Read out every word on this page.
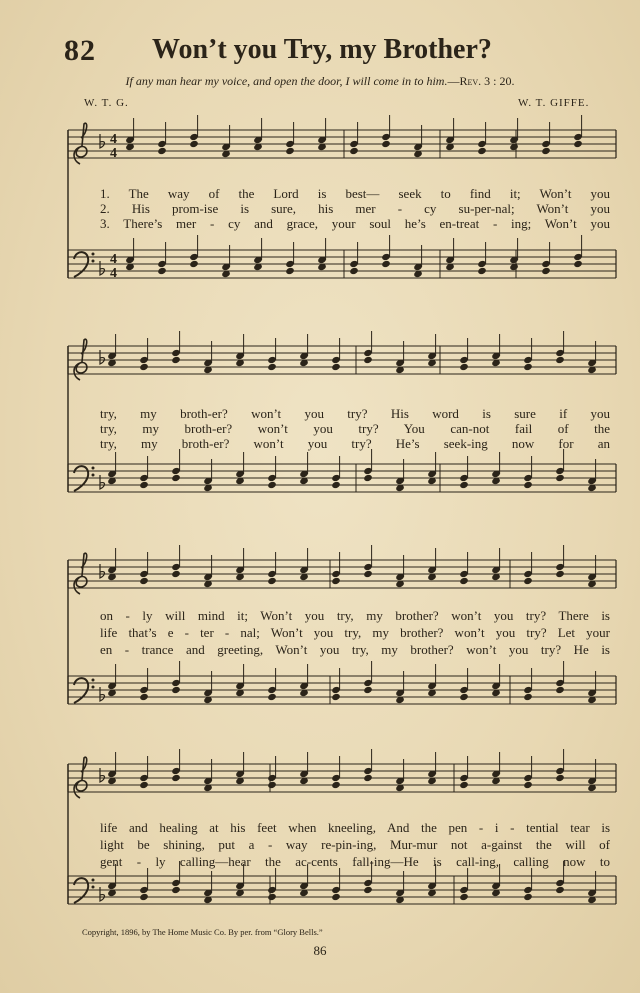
82 Won’t you Try, my Brother?
If any man hear my voice, and open the door, I will come in to him.—Rev. 3 : 20.
W. T. G.	W. T. GIFFE.
4
4
4
4
1. The way of the Lord is best— seek to find it; Won’t you
2. His prom-ise is sure, his mer - cy su-per-nal; Won’t you
3. There’s mer - cy and grace, your soul he’s en-treat - ing; Won’t you
try, my broth-er? won’t you try? His word is sure if you
try, my broth-er? won’t you try? You can-not fail of the
try, my broth-er? won’t you try? He’s seek-ing now for an
on - ly will mind it; Won’t you try, my brother? won’t you try? There is
life that’s e - ter - nal; Won’t you try, my brother? won’t you try? Let your
en - trance and greeting, Won’t you try, my brother? won’t you try? He is
life and healing at his feet when kneeling, And the pen - i - tential tear is
light be shining, put a - way re-pin-ing, Mur-mur not a-gainst the will of
gent - ly calling—hear the ac-cents fall-ing—He is call-ing, calling now to
Copyright, 1896, by The Home Music Co. By per. from “Glory Bells.”
86
